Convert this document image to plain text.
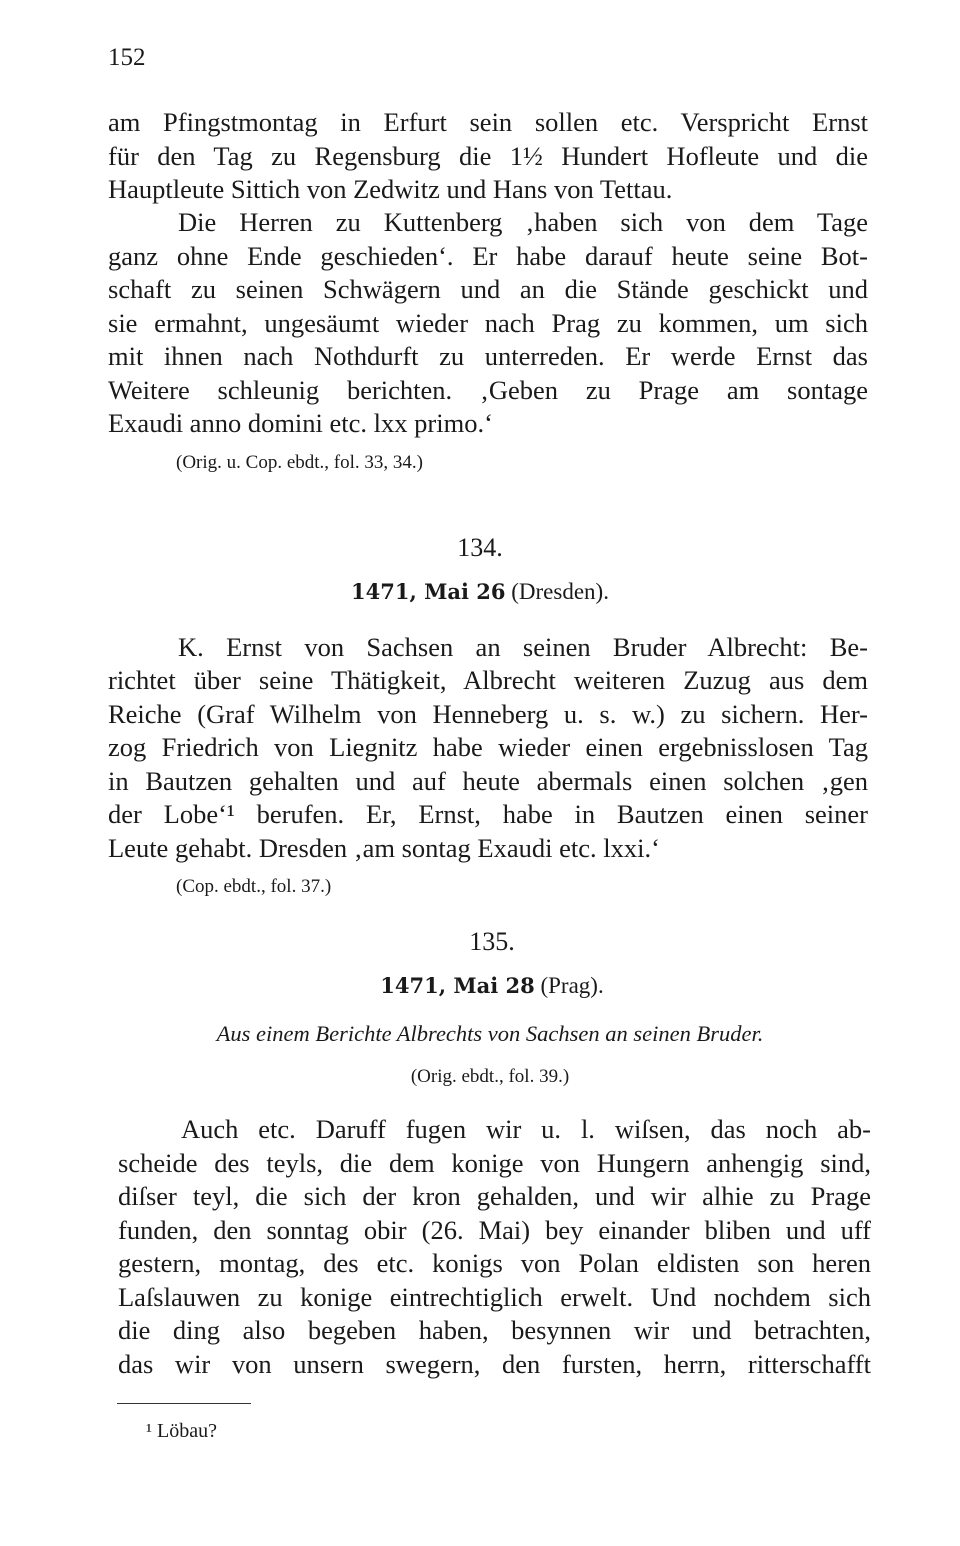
152
am Pfingstmontag in Erfurt sein sollen etc. Verspricht Ernst
für den Tag zu Regensburg die 1½ Hundert Hofleute und die
Hauptleute Sittich von Zedwitz und Hans von Tettau.
Die Herren zu Kuttenberg ‚haben sich von dem Tage
ganz ohne Ende geschieden‘. Er habe darauf heute seine Bot-
schaft zu seinen Schwägern und an die Stände geschickt und
sie ermahnt, ungesäumt wieder nach Prag zu kommen, um sich
mit ihnen nach Nothdurft zu unterreden. Er werde Ernst das
Weitere schleunig berichten. ‚Geben zu Prage am sontage
Exaudi anno domini etc. lxx primo.‘
(Orig. u. Cop. ebdt., fol. 33, 34.)
134.
1471, Mai 26 (Dresden).
K. Ernst von Sachsen an seinen Bruder Albrecht: Be-
richtet über seine Thätigkeit, Albrecht weiteren Zuzug aus dem
Reiche (Graf Wilhelm von Henneberg u. s. w.) zu sichern. Her-
zog Friedrich von Liegnitz habe wieder einen ergebnisslosen Tag
in Bautzen gehalten und auf heute abermals einen solchen ‚gen
der Lobe‘¹ berufen. Er, Ernst, habe in Bautzen einen seiner
Leute gehabt. Dresden ‚am sontag Exaudi etc. lxxi.‘
(Cop. ebdt., fol. 37.)
135.
1471, Mai 28 (Prag).
Aus einem Berichte Albrechts von Sachsen an seinen Bruder.
(Orig. ebdt., fol. 39.)
Auch etc. Daruff fugen wir u. l. wiſsen, das noch ab-
scheide des teyls, die dem konige von Hungern anhengig sind,
diſser teyl, die sich der kron gehalden, und wir alhie zu Prage
funden, den sonntag obir (26. Mai) bey einander bliben und uff
gestern, montag, des etc. konigs von Polan eldisten son heren
Laſslauwen zu konige eintrechtiglich erwelt. Und nochdem sich
die ding also begeben haben, besynnen wir und betrachten,
das wir von unsern swegern, den fursten, herrn, ritterschafft
¹ Löbau?
